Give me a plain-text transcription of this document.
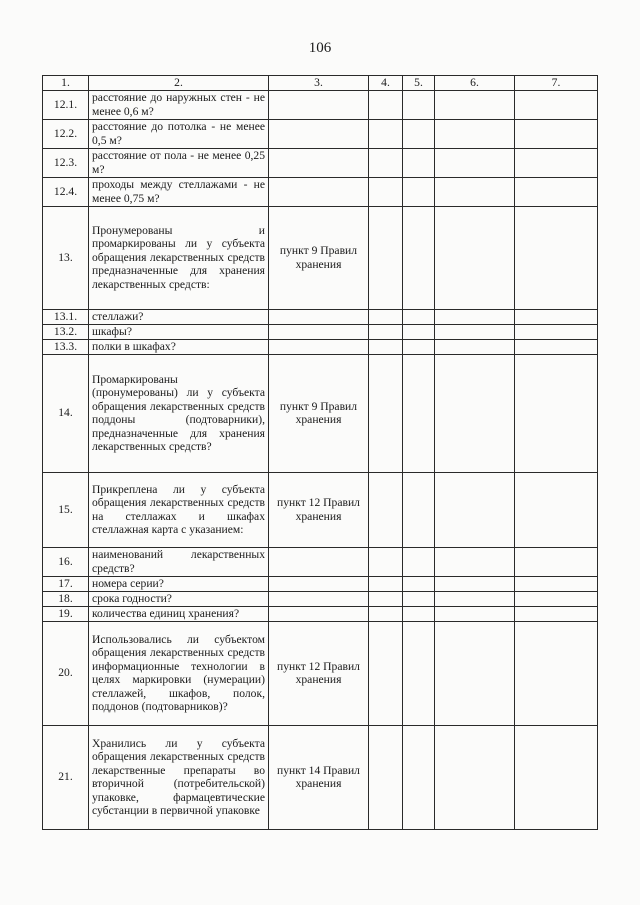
106
1.	2.	3.	4.	5.	6.	7.
12.1.	расстояние до наружных стен - не менее 0,6 м?					
12.2.	расстояние до потолка - не менее 0,5 м?					
12.3.	расстояние от пола - не менее 0,25 м?					
12.4.	проходы между стеллажами - не менее 0,75 м?					
13.	Пронумерованы и промаркированы ли у субъекта обращения лекарственных средств предназначенные для хранения лекарственных средств:	пункт 9 Правил хранения				
13.1.	стеллажи?					
13.2.	шкафы?					
13.3.	полки в шкафах?					
14.	Промаркированы (пронумерованы) ли у субъекта обращения лекарственных средств поддоны (подтоварники), предназначенные для хранения лекарственных средств?	пункт 9 Правил хранения				
15.	Прикреплена ли у субъекта обращения лекарственных средств на стеллажах и шкафах стеллажная карта с указанием:	пункт 12 Правил хранения				
16.	наименований лекарственных средств?					
17.	номера серии?					
18.	срока годности?					
19.	количества единиц хранения?					
20.	Использовались ли субъектом обращения лекарственных средств информационные технологии в целях маркировки (нумерации) стеллажей, шкафов, полок, поддонов (подтоварников)?	пункт 12 Правил хранения				
21.	Хранились ли у субъекта обращения лекарственных средств лекарственные препараты во вторичной (потребительской) упаковке, фармацевтические субстанции в первичной упаковке	пункт 14 Правил хранения				
